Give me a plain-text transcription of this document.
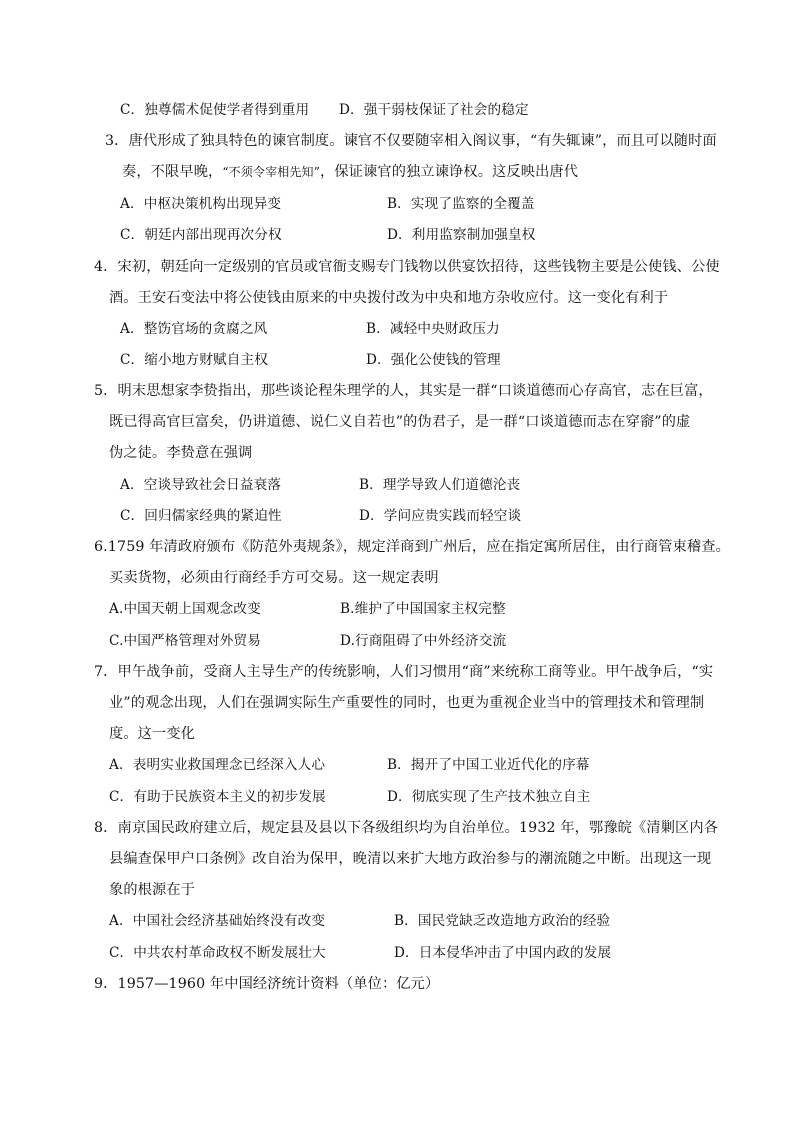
C．独尊儒术促使学者得到重用 D．强干弱枝保证了社会的稳定
3．唐代形成了独具特色的谏官制度。谏官不仅要随宰相入阁议事，“有失辄谏”，而且可以随时面
奏，不限早晚，“不须令宰相先知”，保证谏官的独立谏诤权。这反映出唐代
A．中枢决策机构出现异变	B．实现了监察的全覆盖
C．朝廷内部出现再次分权	D．利用监察制加强皇权
4．宋初，朝廷向一定级别的官员或官衙支赐专门钱物以供宴饮招待，这些钱物主要是公使钱、公使
酒。王安石变法中将公使钱由原来的中央拨付改为中央和地方杂收应付。这一变化有利于
A．整饬官场的贪腐之风	B．减轻中央财政压力
C．缩小地方财赋自主权	D．强化公使钱的管理
5．明末思想家李贽指出，那些谈论程朱理学的人，其实是一群“口谈道德而心存高官，志在巨富，
既已得高官巨富矣，仍讲道德、说仁义自若也”的伪君子，是一群“口谈道德而志在穿窬”的虚
伪之徒。李贽意在强调
A．空谈导致社会日益衰落	B．理学导致人们道德沦丧
C．回归儒家经典的紧迫性	D．学问应贵实践而轻空谈
6.1759 年清政府颁布《防范外夷规条》，规定洋商到广州后，应在指定寓所居住，由行商管束稽查。
买卖货物，必须由行商经手方可交易。这一规定表明
A.中国天朝上国观念改变	B.维护了中国国家主权完整
C.中国严格管理对外贸易	D.行商阻碍了中外经济交流
7．甲午战争前，受商人主导生产的传统影响，人们习惯用“商”来统称工商等业。甲午战争后，“实
业”的观念出现，人们在强调实际生产重要性的同时，也更为重视企业当中的管理技术和管理制
度。这一变化
A．表明实业救国理念已经深入人心	B．揭开了中国工业近代化的序幕
C．有助于民族资本主义的初步发展	D．彻底实现了生产技术独立自主
8．南京国民政府建立后，规定县及县以下各级组织均为自治单位。1932 年，鄂豫皖《清剿区内各
县编查保甲户口条例》改自治为保甲，晚清以来扩大地方政治参与的潮流随之中断。出现这一现
象的根源在于
A．中国社会经济基础始终没有改变	B．国民党缺乏改造地方政治的经验
C．中共农村革命政权不断发展壮大	D．日本侵华冲击了中国内政的发展
9．1957—1960 年中国经济统计资料（单位：亿元）
